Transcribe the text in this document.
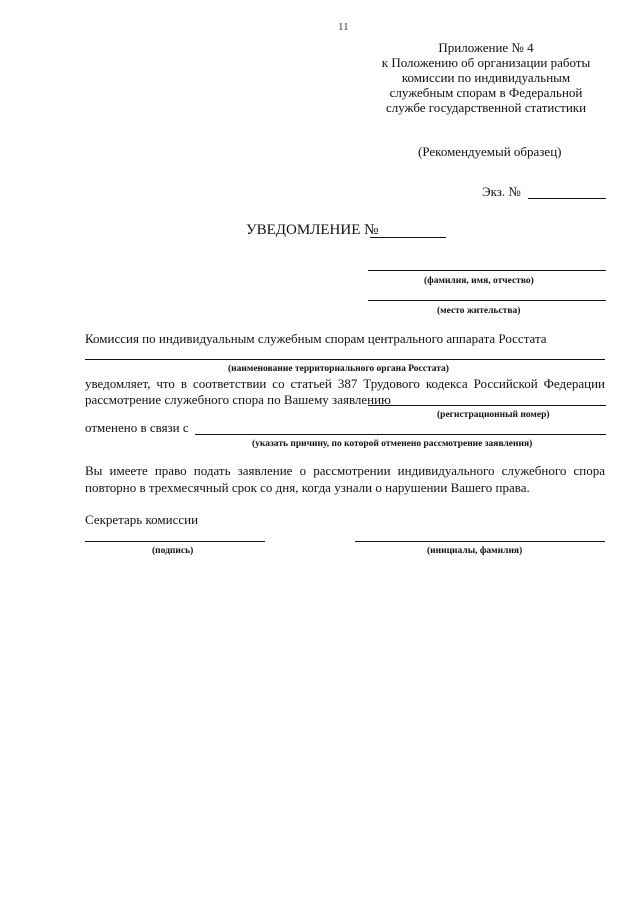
11
Приложение № 4
к Положению об организации работы
комиссии по индивидуальным
служебным спорам в Федеральной
службе государственной статистики
(Рекомендуемый образец)
Экз. №
УВЕДОМЛЕНИЕ №
(фамилия, имя, отчество)
(место жительства)
Комиссия по индивидуальным служебным спорам центрального аппарата Росстата
(наименование территориального органа Росстата)
уведомляет, что в соответствии со статьей 387 Трудового кодекса Российской Федерации
рассмотрение служебного спора по Вашему заявлению
(регистрационный номер)
отменено в связи с
(указать причину, по которой отменено рассмотрение заявления)
Вы имеете право подать заявление о рассмотрении индивидуального служебного спора
повторно в трехмесячный срок со дня, когда узнали о нарушении Вашего права.
Секретарь комиссии
(подпись)	(инициалы, фамилия)
